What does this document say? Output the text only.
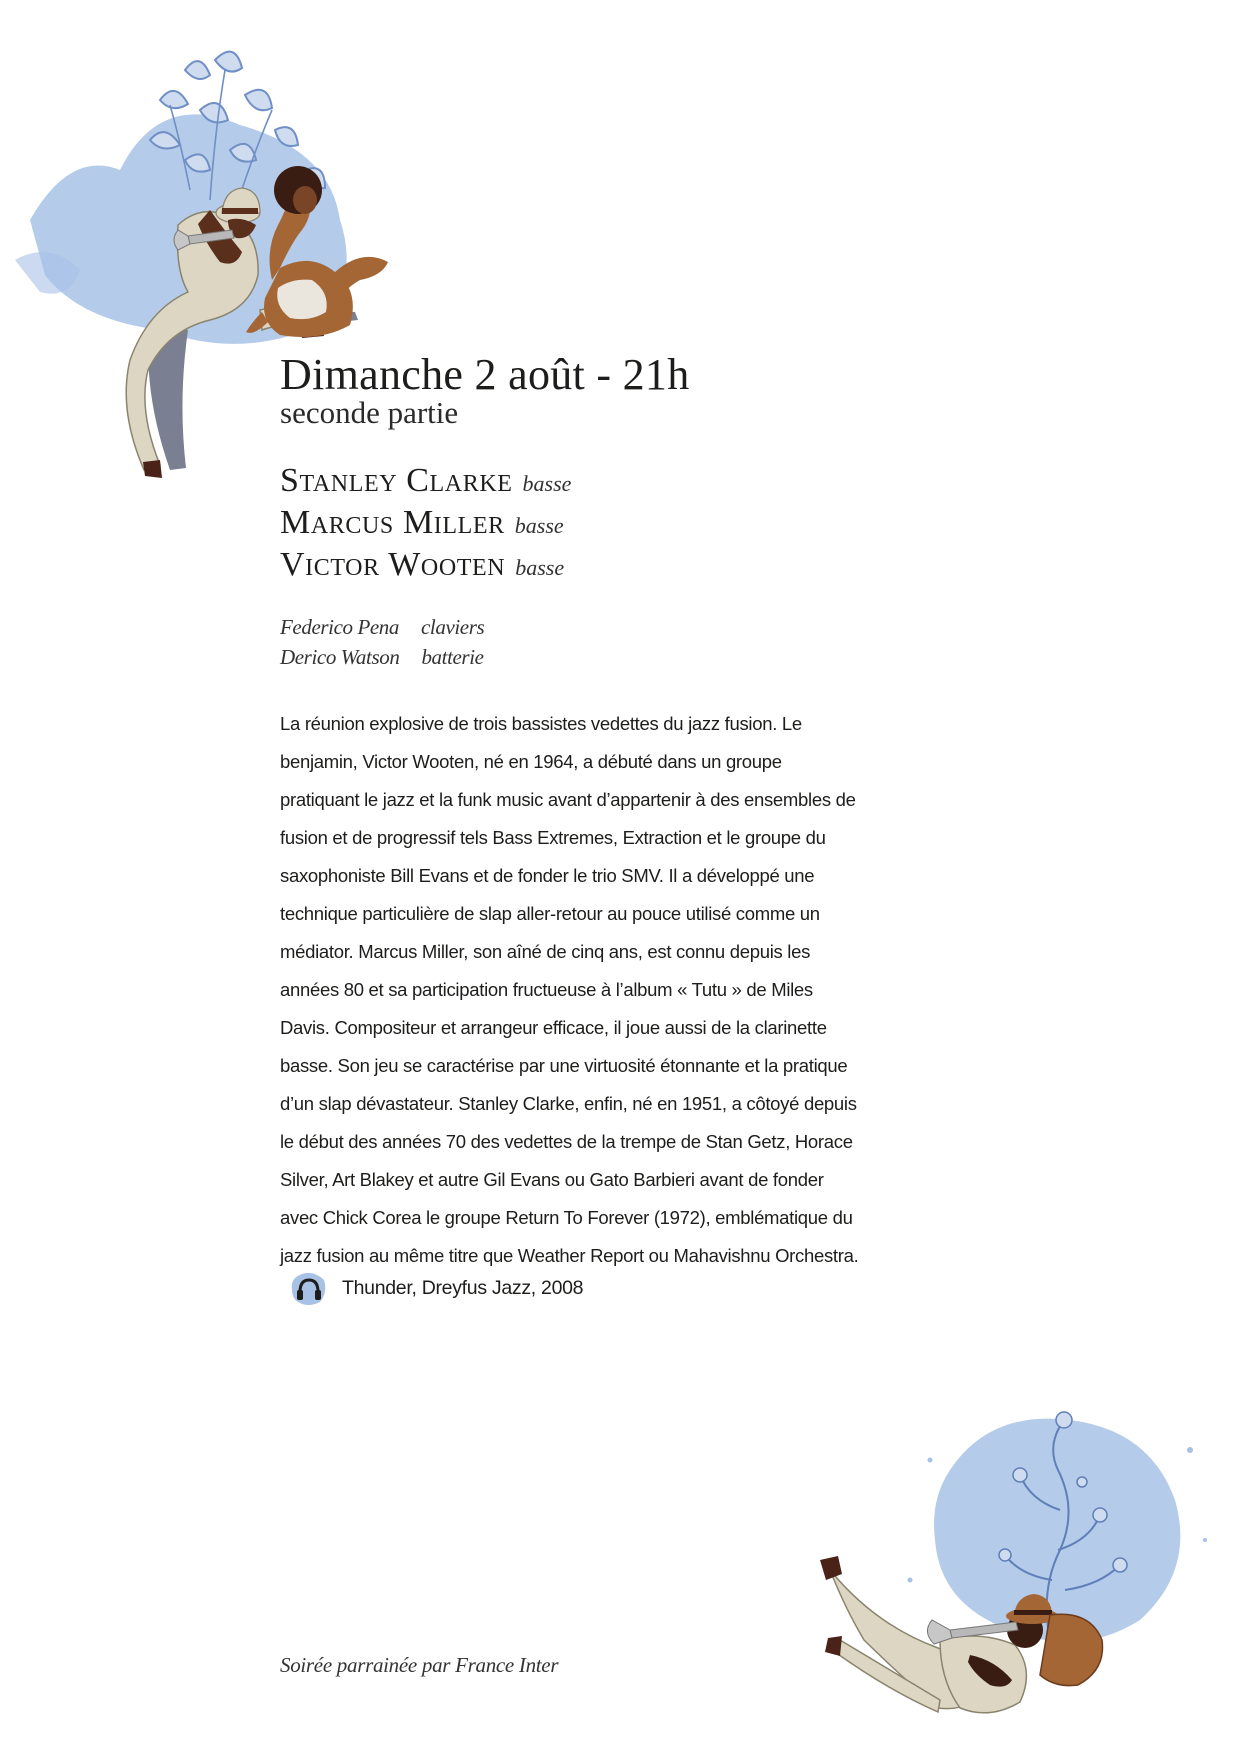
Dimanche 2 août - 21h
seconde partie
Stanley Clarke basse
Marcus Miller basse
Victor Wooten basse
Federico Pena claviers
Derico Watson batterie

La réunion explosive de trois bassistes vedettes du jazz fusion. Le benjamin, Victor Wooten, né en 1964, a débuté dans un groupe pratiquant le jazz et la funk music avant d’appartenir à des ensembles de fusion et de progressif tels Bass Extremes, Extraction et le groupe du saxophoniste Bill Evans et de fonder le trio SMV. Il a développé une technique particulière de slap aller-retour au pouce utilisé comme un médiator. Marcus Miller, son aîné de cinq ans, est connu depuis les années 80 et sa participation fructueuse à l’album « Tutu » de Miles Davis. Compositeur et arrangeur efficace, il joue aussi de la clarinette basse. Son jeu se caractérise par une virtuosité étonnante et la pratique d’un slap dévastateur. Stanley Clarke, enfin, né en 1951, a côtoyé depuis le début des années 70 des vedettes de la trempe de Stan Getz, Horace Silver, Art Blakey et autre Gil Evans ou Gato Barbieri avant de fonder avec Chick Corea le groupe Return To Forever (1972), emblématique du jazz fusion au même titre que Weather Report ou Mahavishnu Orchestra.

Thunder, Dreyfus Jazz, 2008
Soirée parrainée par France Inter
